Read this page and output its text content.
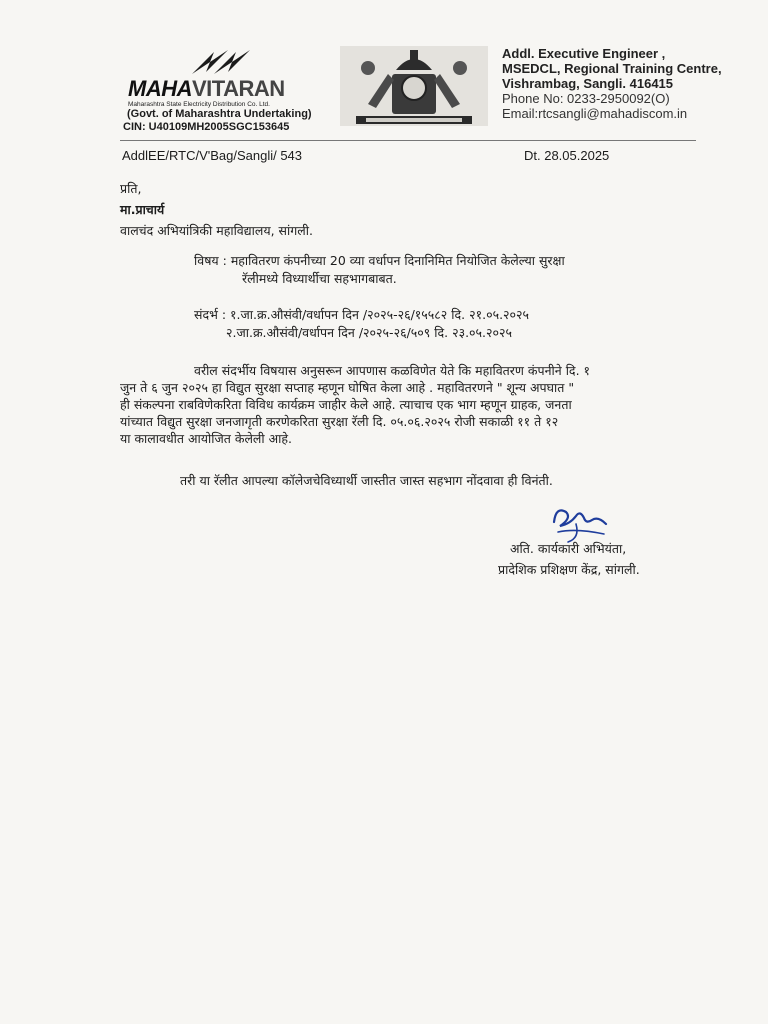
MAHAVITARAN
Maharashtra State Electricity Distribution Co. Ltd.
(Govt. of Maharashtra Undertaking)
CIN: U40109MH2005SGC153645
Addl. Executive Engineer ,
MSEDCL, Regional Training Centre,
Vishrambag, Sangli. 416415
Phone No: 0233-2950092(O)
Email:rtcsangli@mahadiscom.in
AddlEE/RTC/V'Bag/Sangli/ 543	Dt. 28.05.2025
प्रति,
मा.प्राचार्य
वालचंद अभियांत्रिकी महाविद्यालय, सांगली.
विषय : महावितरण कंपनीच्या 20 व्या वर्धापन दिनानिमित नियोजित केलेल्या सुरक्षा
रॅलीमध्ये विध्यार्थीचा सहभागबाबत.
संदर्भ : १.जा.क्र.औसंवी/वर्धापन दिन /२०२५-२६/१५५८२ दि. २१.०५.२०२५
२.जा.क्र.औसंवी/वर्धापन दिन /२०२५-२६/५०९ दि. २३.०५.२०२५
वरील संदर्भीय विषयास अनुसरून आपणास कळविणेत येते कि महावितरण कंपनीने दि. १
जुन ते ६ जुन २०२५ हा विद्युत सुरक्षा सप्ताह म्हणून घोषित केला आहे . महावितरणने " शून्य अपघात "
ही संकल्पना राबविणेकरिता विविध कार्यक्रम जाहीर केले आहे. त्याचाच एक भाग म्हणून ग्राहक, जनता
यांच्यात विद्युत सुरक्षा जनजागृती करणेकरिता सुरक्षा रॅली दि. ०५.०६.२०२५ रोजी सकाळी ११ ते १२
या कालावधीत आयोजित केलेली आहे.
तरी या रॅलीत आपल्या कॉलेजचेविध्यार्थी जास्तीत जास्त सहभाग नोंदवावा ही विनंती.
अति. कार्यकारी अभियंता,
प्रादेशिक प्रशिक्षण केंद्र, सांगली.
